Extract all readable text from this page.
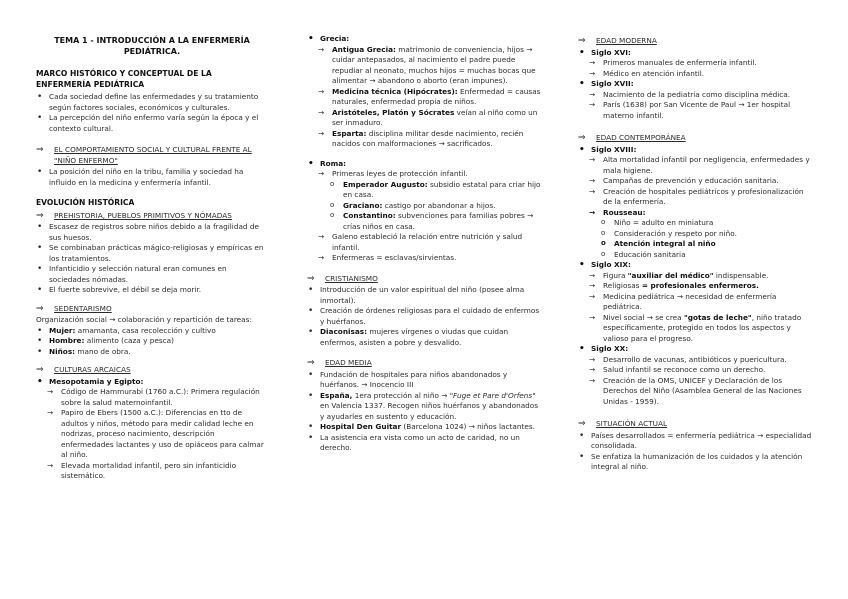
TEMA 1 - INTRODUCCIÓN A LA ENFERMERÍA PEDIÁTRICA.
MARCO HISTÓRICO Y CONCEPTUAL DE LA ENFERMERÍA PEDIÁTRICA
• Cada sociedad define las enfermedades y su tratamiento según factores sociales, económicos y culturales.
• La percepción del niño enfermo varía según la época y el contexto cultural.
⇒ EL COMPORTAMIENTO SOCIAL Y CULTURAL FRENTE AL "NIÑO ENFERMO"
• La posición del niño en la tribu, familia y sociedad ha influido en la medicina y enfermería infantil.
EVOLUCIÓN HISTÓRICA
⇒ PREHISTORIA, PUEBLOS PRIMITIVOS Y NÓMADAS
• Escasez de registros sobre niños debido a la fragilidad de sus huesos.
• Se combinaban prácticas mágico-religiosas y empíricas en los tratamientos.
• Infanticidio y selección natural eran comunes en sociedades nómadas.
• El fuerte sobrevive, el débil se deja morir.
⇒ SEDENTARISMO
Organización social → colaboración y repartición de tareas:
• Mujer: amamanta, casa recolección y cultivo
• Hombre: alimento (caza y pesca)
• Niños: mano de obra.
⇒ CULTURAS ARCAICAS
• Mesopotamia y Egipto:
→ Código de Hammurabi (1760 a.C.): Primera regulación sobre la salud maternoinfantil.
→ Papiro de Ebers (1500 a.C.): Diferencias en tto de adultos y niños, método para medir calidad leche en nodrizas, proceso nacimiento, descripción enfermedades lactantes y uso de opiáceos para calmar al niño.
→ Elevada mortalidad infantil, pero sin infanticidio sistemático.
• Grecia:
→ Antigua Grecia: matrimonio de conveniencia, hijos → cuidar antepasados, al nacimiento el padre puede repudiar al neonato, muchos hijos = muchas bocas que alimentar → abandono o aborto (eran impunes).
→ Medicina técnica (Hipócrates): Enfermedad = causas naturales, enfermedad propia de niños.
→ Aristóteles, Platón y Sócrates veían al niño como un ser inmaduro.
→ Esparta: disciplina militar desde nacimiento, recién nacidos con malformaciones → sacrificados.
• Roma:
→ Primeras leyes de protección infantil.
o Emperador Augusto: subsidio estatal para criar hijo en casa.
o Graciano: castigo por abandonar a hijos.
o Constantino: subvenciones para familias pobres → crías niños en casa.
→ Galeno estableció la relación entre nutrición y salud infantil.
→ Enfermeras = esclavas/sirvientas.
⇒ CRISTIANISMO
• Introducción de un valor espiritual del niño (posee alma inmortal).
• Creación de órdenes religiosas para el cuidado de enfermos y huérfanos.
• Diaconisas: mujeres vírgenes o viudas que cuidan enfermos, asisten a pobre y desvalido.
⇒ EDAD MEDIA
• Fundación de hospitales para niños abandonados y huérfanos. → Inocencio III
• España, 1era protección al niño → "Fuge et Pare d'Orfens" en Valencia 1337. Recogen niños huérfanos y abandonados y ayudarles en sustento y educación.
• Hospital Den Guitar (Barcelona 1024) → niños lactantes.
• La asistencia era vista como un acto de caridad, no un derecho.
⇒ EDAD MODERNA
• Siglo XVI:
→ Primeros manuales de enfermería infantil.
→ Médico en atención infantil.
• Siglo XVII:
→ Nacimiento de la pediatría como disciplina médica.
→ París (1638) por San Vicente de Paul → 1er hospital materno infantil.
⇒ EDAD CONTEMPORÁNEA
• Siglo XVIII:
→ Alta mortalidad infantil por negligencia, enfermedades y mala higiene.
→ Campañas de prevención y educación sanitaria.
→ Creación de hospitales pediátricos y profesionalización de la enfermería.
→ Rousseau:
o Niño = adulto en miniatura
o Consideración y respeto por niño.
o Atención integral al niño
o Educación sanitaria
• Siglo XIX:
→ Figura "auxiliar del médico" indispensable.
→ Religiosas = profesionales enfermeros.
→ Medicina pediátrica → necesidad de enfermería pediátrica.
→ Nivel social → se crea "gotas de leche", niño tratado específicamente, protegido en todos los aspectos y valioso para el progreso.
• Siglo XX:
→ Desarrollo de vacunas, antibióticos y puericultura.
→ Salud infantil se reconoce como un derecho.
→ Creación de la OMS, UNICEF y Declaración de los Derechos del Niño (Asamblea General de las Naciones Unidas - 1959).
⇒ SITUACIÓN ACTUAL
• Países desarrollados = enfermería pediátrica → especialidad consolidada.
• Se enfatiza la humanización de los cuidados y la atención integral al niño.
